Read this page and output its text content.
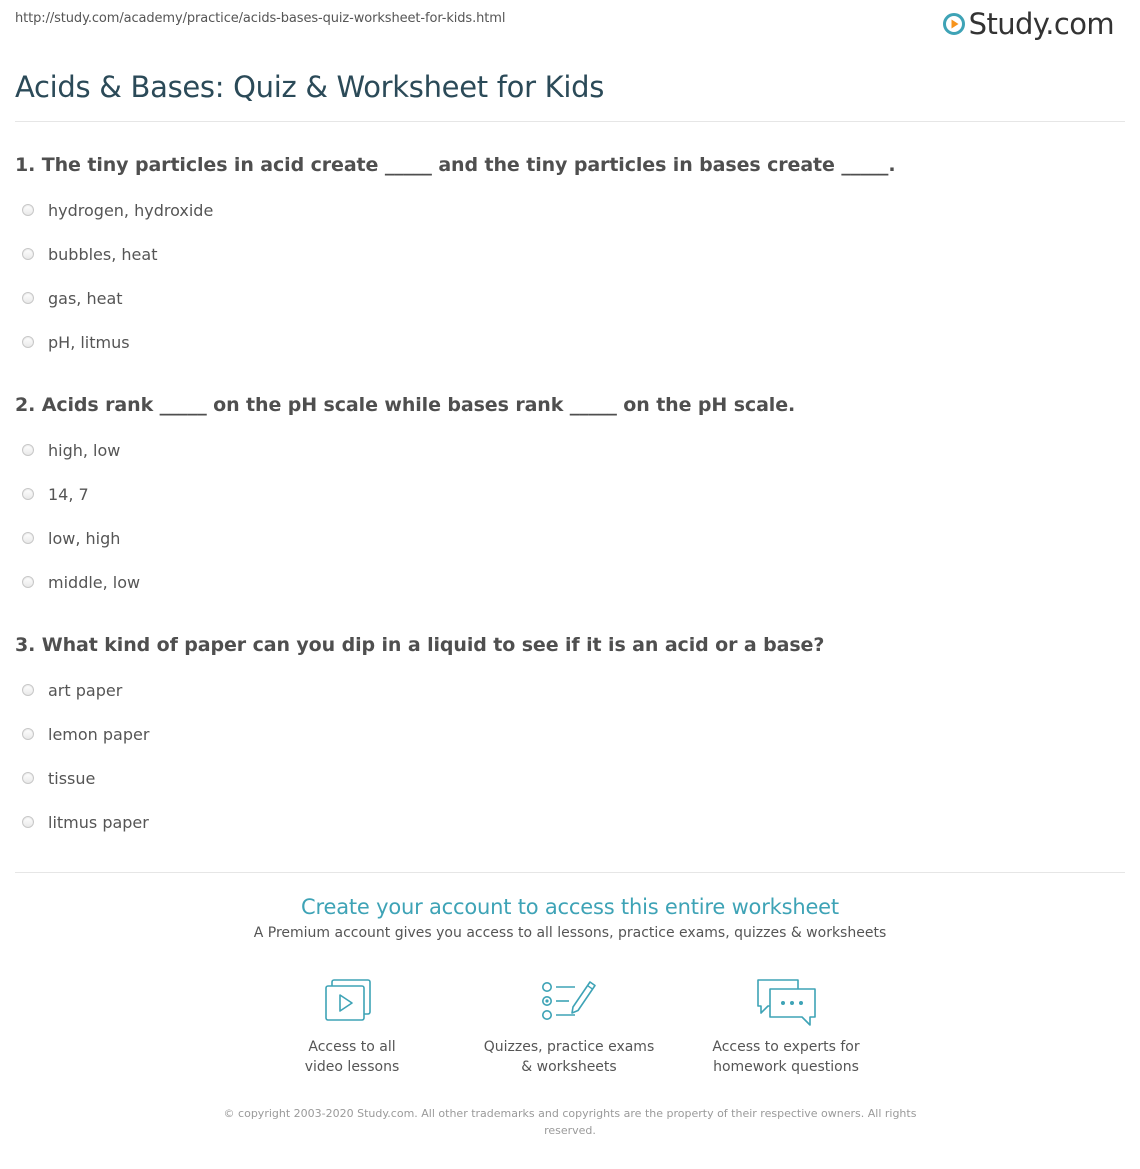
http://study.com/academy/practice/acids-bases-quiz-worksheet-for-kids.html	Study.com
Acids & Bases: Quiz & Worksheet for Kids
1. The tiny particles in acid create _____ and the tiny particles in bases create _____.
hydrogen, hydroxide
bubbles, heat
gas, heat
pH, litmus
2. Acids rank _____ on the pH scale while bases rank _____ on the pH scale.
high, low
14, 7
low, high
middle, low
3. What kind of paper can you dip in a liquid to see if it is an acid or a base?
art paper
lemon paper
tissue
litmus paper
Create your account to access this entire worksheet
A Premium account gives you access to all lessons, practice exams, quizzes & worksheets
Access to all
video lessons
Quizzes, practice exams
& worksheets
Access to experts for
homework questions
© copyright 2003-2020 Study.com. All other trademarks and copyrights are the property of their respective owners. All rights
reserved.
